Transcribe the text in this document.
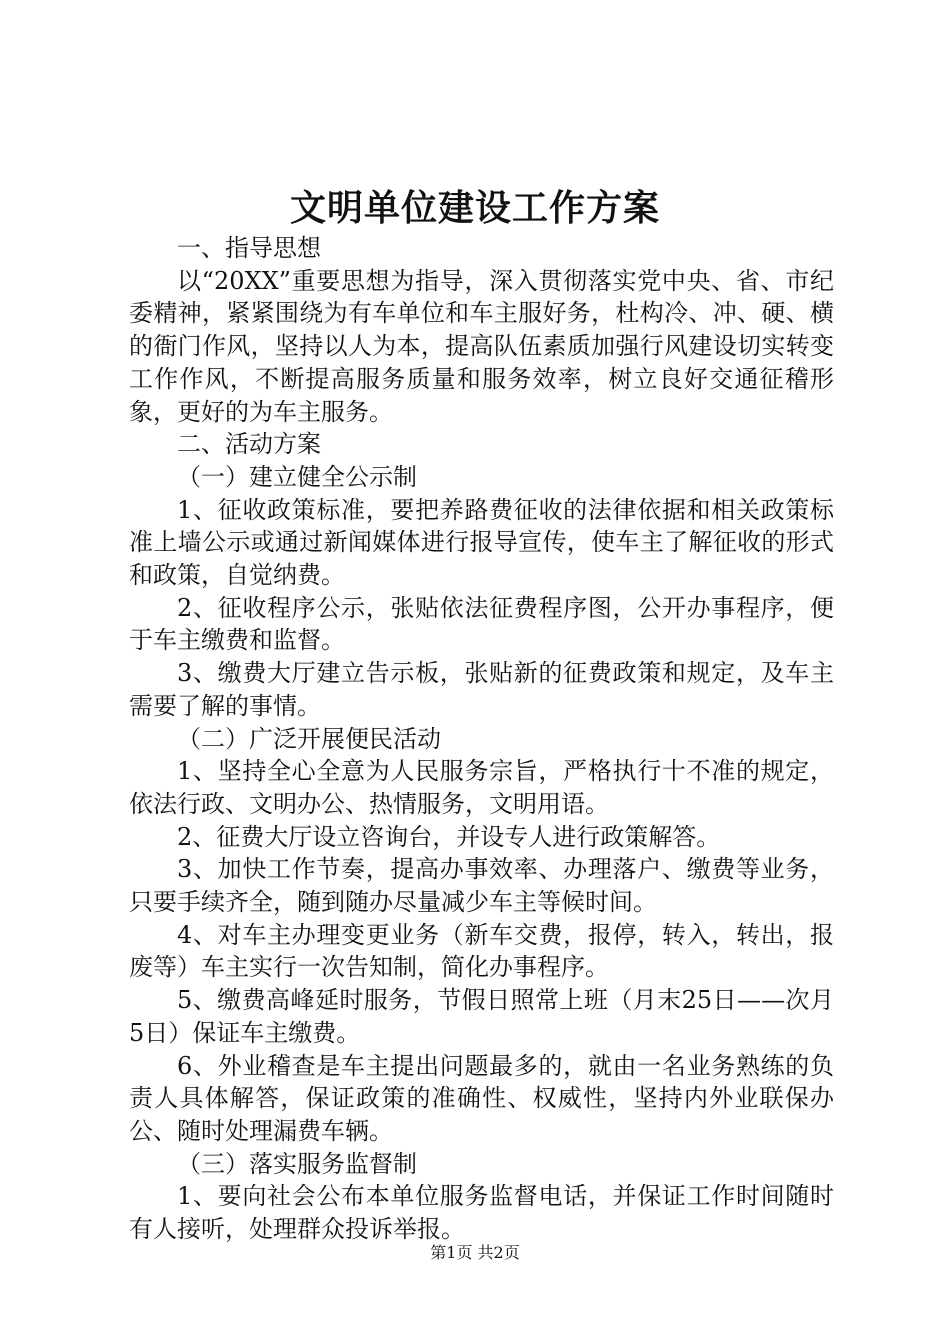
文明单位建设工作方案

一、指导思想

以“20XX”重要思想为指导，深入贯彻落实党中央、省、市纪委精神，紧紧围绕为有车单位和车主服好务，杜构冷、冲、硬、横的衙门作风，坚持以人为本，提高队伍素质加强行风建设切实转变工作作风，不断提高服务质量和服务效率，树立良好交通征稽形象，更好的为车主服务。

二、活动方案

（一）建立健全公示制

1、征收政策标准，要把养路费征收的法律依据和相关政策标准上墙公示或通过新闻媒体进行报导宣传，使车主了解征收的形式和政策，自觉纳费。

2、征收程序公示，张贴依法征费程序图，公开办事程序，便于车主缴费和监督。

3、缴费大厅建立告示板，张贴新的征费政策和规定，及车主需要了解的事情。

（二）广泛开展便民活动

1、坚持全心全意为人民服务宗旨，严格执行十不准的规定，依法行政、文明办公、热情服务，文明用语。

2、征费大厅设立咨询台，并设专人进行政策解答。

3、加快工作节奏，提高办事效率、办理落户、缴费等业务，只要手续齐全，随到随办尽量减少车主等候时间。

4、对车主办理变更业务（新车交费，报停，转入，转出，报废等）车主实行一次告知制，简化办事程序。

5、缴费高峰延时服务，节假日照常上班（月末25日——次月5日）保证车主缴费。

6、外业稽查是车主提出问题最多的，就由一名业务熟练的负责人具体解答，保证政策的准确性、权威性，坚持内外业联保办公、随时处理漏费车辆。

（三）落实服务监督制

1、要向社会公布本单位服务监督电话，并保证工作时间随时有人接听，处理群众投诉举报。

第1页 共2页
